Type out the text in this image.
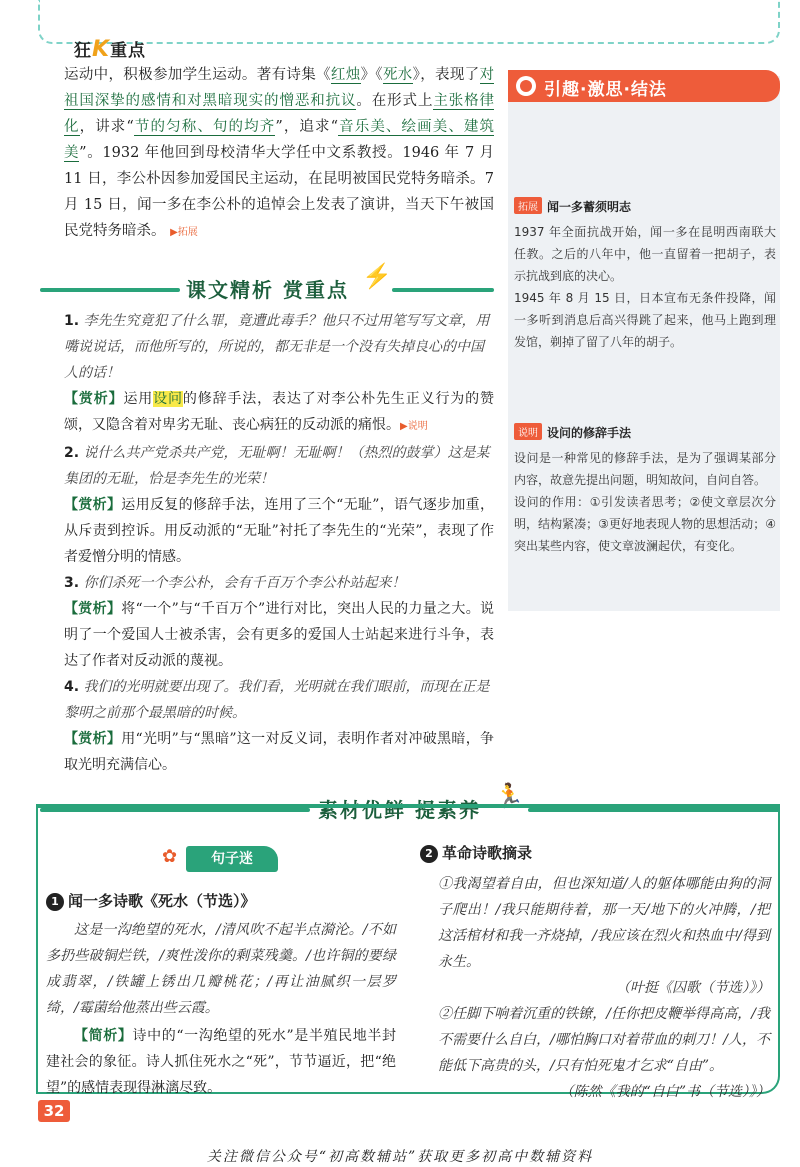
狂K重点
运动中，积极参加学生运动。著有诗集《红烛》《死水》，表现了对祖国深挚的感情和对黑暗现实的憎恶和抗议。在形式上主张格律化，讲求“节的匀称、句的均齐”，追求“音乐美、绘画美、建筑美”。1932 年他回到母校清华大学任中文系教授。1946 年 7 月 11 日，李公朴因参加爱国民主运动，在昆明被国民党特务暗杀。7 月 15 日，闻一多在李公朴的追悼会上发表了演讲，当天下午被国民党特务暗杀。 ▶拓展
课文精析 赏重点 ⚡
1. 李先生究竟犯了什么罪，竟遭此毒手？他只不过用笔写写文章，用嘴说说话，而他所写的，所说的，都无非是一个没有失掉良心的中国人的话！
【赏析】运用设问的修辞手法，表达了对李公朴先生正义行为的赞颂，又隐含着对卑劣无耻、丧心病狂的反动派的痛恨。▶说明
2. 说什么共产党杀共产党，无耻啊！无耻啊！（热烈的鼓掌）这是某集团的无耻，恰是李先生的光荣！
【赏析】运用反复的修辞手法，连用了三个“无耻”，语气逐步加重，从斥责到控诉。用反动派的“无耻”衬托了李先生的“光荣”，表现了作者爱憎分明的情感。
3. 你们杀死一个李公朴，会有千百万个李公朴站起来！
【赏析】将“一个”与“千百万个”进行对比，突出人民的力量之大。说明了一个爱国人士被杀害，会有更多的爱国人士站起来进行斗争，表达了作者对反动派的蔑视。
4. 我们的光明就要出现了。我们看，光明就在我们眼前，而现在正是黎明之前那个最黑暗的时候。
【赏析】用“光明”与“黑暗”这一对反义词，表明作者对冲破黑暗，争取光明充满信心。
引趣·激思·结法
拓展 闻一多蓄须明志
1937 年全面抗战开始，闻一多在昆明西南联大任教。之后的八年中，他一直留着一把胡子，表示抗战到底的决心。
1945 年 8 月 15 日，日本宣布无条件投降，闻一多听到消息后高兴得跳了起来，他马上跑到理发馆，剃掉了留了八年的胡子。
说明 设问的修辞手法
设问是一种常见的修辞手法，是为了强调某部分内容，故意先提出问题，明知故问，自问自答。
设问的作用：①引发读者思考；②使文章层次分明，结构紧凑；③更好地表现人物的思想活动；④突出某些内容，使文章波澜起伏，有变化。
素材优鲜 提素养 🏃
✿	句子迷
1 闻一多诗歌《死水（节选）》
这是一沟绝望的死水，/清风吹不起半点漪沦。/不如多扔些破铜烂铁，/爽性泼你的剩菜残羹。/也许铜的要绿成翡翠，/铁罐上锈出几瓣桃花；/再让油腻织一层罗绮，/霉菌给他蒸出些云霞。
【简析】诗中的“一沟绝望的死水”是半殖民地半封建社会的象征。诗人抓住死水之“死”，节节逼近，把“绝望”的感情表现得淋漓尽致。
2 革命诗歌摘录
①我渴望着自由，但也深知道/人的躯体哪能由狗的洞子爬出！/我只能期待着，那一天/地下的火冲腾，/把这活棺材和我一齐烧掉，/我应该在烈火和热血中/得到永生。
（叶挺《囚歌（节选）》）
②任脚下响着沉重的铁镣，/任你把皮鞭举得高高，/我不需要什么自白，/哪怕胸口对着带血的刺刀！/人，不能低下高贵的头，/只有怕死鬼才乞求“自由”。
（陈然《我的“自白”书（节选）》）
32
关注微信公众号“初高数辅站”获取更多初高中数辅资料
